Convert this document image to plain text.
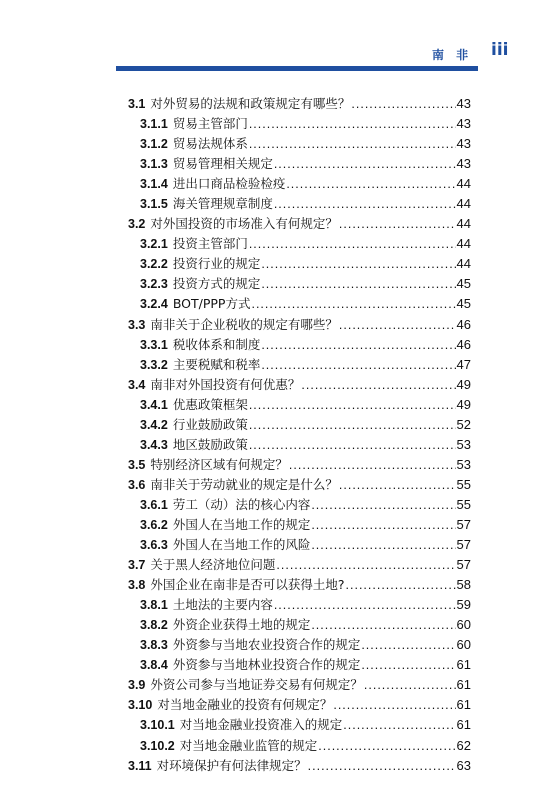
南 非 iii
3.1 对外贸易的法规和政策规定有哪些？ .....	43
3.1.1 贸易主管部门 .....	43
3.1.2 贸易法规体系 .....	43
3.1.3 贸易管理相关规定 .....	43
3.1.4 进出口商品检验检疫 .....	44
3.1.5 海关管理规章制度 .....	44
3.2 对外国投资的市场准入有何规定？ .....	44
3.2.1 投资主管部门 .....	44
3.2.2 投资行业的规定 .....	44
3.2.3 投资方式的规定 .....	45
3.2.4 BOT/PPP方式 .....	45
3.3 南非关于企业税收的规定有哪些？ .....	46
3.3.1 税收体系和制度 .....	46
3.3.2 主要税赋和税率 .....	47
3.4 南非对外国投资有何优惠？ .....	49
3.4.1 优惠政策框架 .....	49
3.4.2 行业鼓励政策 .....	52
3.4.3 地区鼓励政策 .....	53
3.5 特别经济区域有何规定？ .....	53
3.6 南非关于劳动就业的规定是什么？ .....	55
3.6.1 劳工（动）法的核心内容 .....	55
3.6.2 外国人在当地工作的规定 .....	57
3.6.3 外国人在当地工作的风险 .....	57
3.7 关于黑人经济地位问题 .....	57
3.8 外国企业在南非是否可以获得土地? .....	58
3.8.1 土地法的主要内容 .....	59
3.8.2 外资企业获得土地的规定 .....	60
3.8.3 外资参与当地农业投资合作的规定 .....	60
3.8.4 外资参与当地林业投资合作的规定 .....	61
3.9 外资公司参与当地证券交易有何规定？ .....	61
3.10 对当地金融业的投资有何规定？ .....	61
3.10.1 对当地金融业投资准入的规定 .....	61
3.10.2 对当地金融业监管的规定 .....	62
3.11 对环境保护有何法律规定？ .....	63
